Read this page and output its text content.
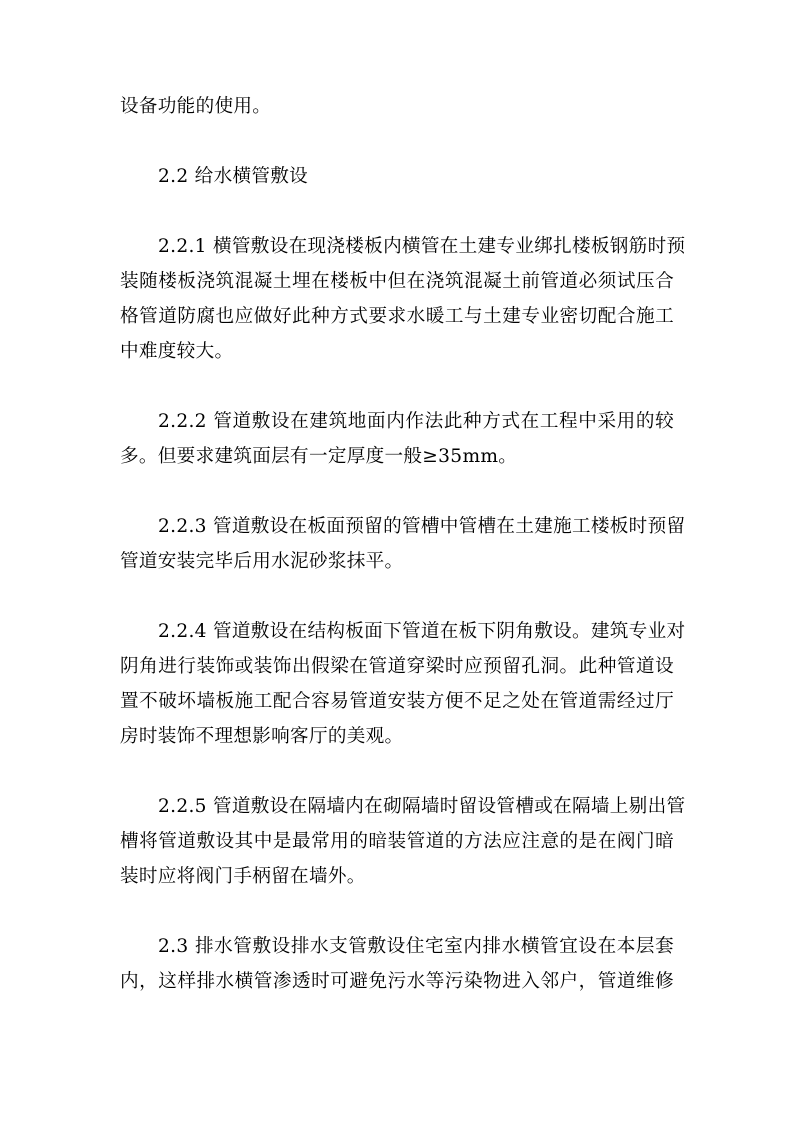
设备功能的使用。
2.2 给水横管敷设
2.2.1 横管敷设在现浇楼板内横管在土建专业绑扎楼板钢筋时预
装随楼板浇筑混凝土埋在楼板中但在浇筑混凝土前管道必须试压合
格管道防腐也应做好此种方式要求水暖工与土建专业密切配合施工
中难度较大。
2.2.2 管道敷设在建筑地面内作法此种方式在工程中采用的较
多。但要求建筑面层有一定厚度一般≥35mm。
2.2.3 管道敷设在板面预留的管槽中管槽在土建施工楼板时预留
管道安装完毕后用水泥砂浆抹平。
2.2.4 管道敷设在结构板面下管道在板下阴角敷设。建筑专业对
阴角进行装饰或装饰出假梁在管道穿梁时应预留孔洞。此种管道设
置不破坏墙板施工配合容易管道安装方便不足之处在管道需经过厅
房时装饰不理想影响客厅的美观。
2.2.5 管道敷设在隔墙内在砌隔墙时留设管槽或在隔墙上剔出管
槽将管道敷设其中是最常用的暗装管道的方法应注意的是在阀门暗
装时应将阀门手柄留在墙外。
2.3 排水管敷设排水支管敷设住宅室内排水横管宜设在本层套
内，这样排水横管渗透时可避免污水等污染物进入邻户，管道维修
